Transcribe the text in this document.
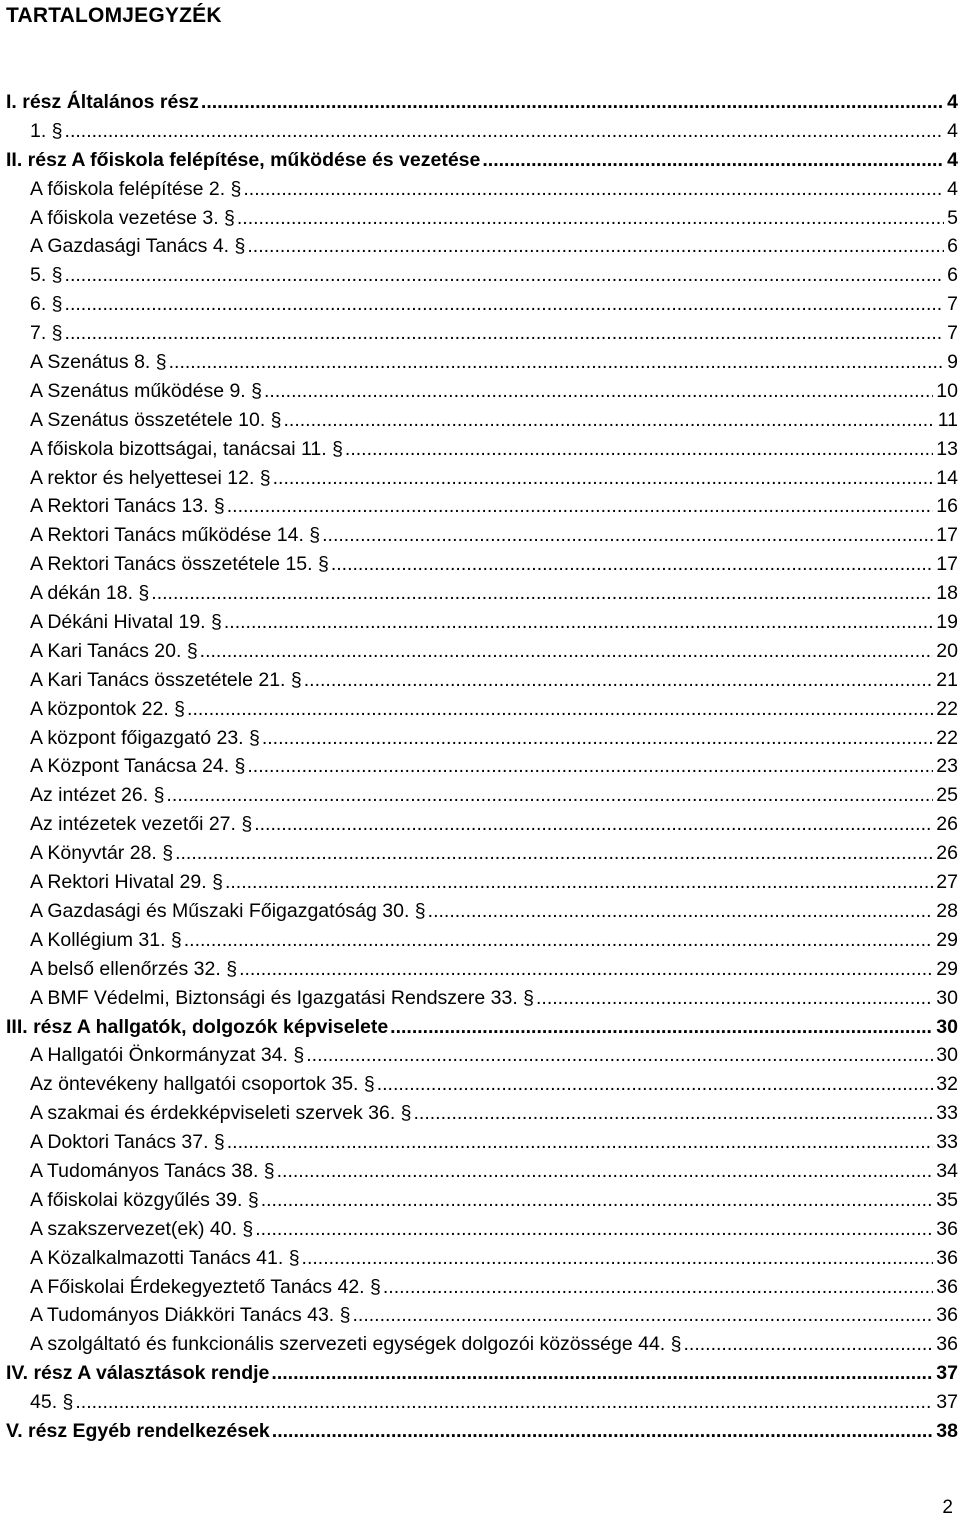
TARTALOMJEGYZÉK
I. rész Általános rész .....	4
1. § .....	4
II. rész A főiskola felépítése, működése és vezetése .....	4
A főiskola felépítése 2. § .....	4
A főiskola vezetése 3. § .....	5
A Gazdasági Tanács 4. § .....	6
5. § .....	6
6. § .....	7
7. § .....	7
A Szenátus 8. § .....	9
A Szenátus működése 9. § .....	10
A Szenátus összetétele 10. § .....	11
A főiskola bizottságai, tanácsai 11. § .....	13
A rektor és helyettesei 12. § .....	14
A Rektori Tanács 13. § .....	16
A Rektori Tanács működése 14. § .....	17
A Rektori Tanács összetétele 15. § .....	17
A dékán 18. § .....	18
A Dékáni Hivatal 19. § .....	19
A Kari Tanács 20. § .....	20
A Kari Tanács összetétele 21. § .....	21
A központok 22. § .....	22
A központ főigazgató 23. § .....	22
A Központ Tanácsa 24. § .....	23
Az intézet 26. § .....	25
Az intézetek vezetői 27. § .....	26
A Könyvtár 28. § .....	26
A Rektori Hivatal 29. § .....	27
A Gazdasági és Műszaki Főigazgatóság 30. § .....	28
A Kollégium 31. § .....	29
A belső ellenőrzés 32. § .....	29
A BMF Védelmi, Biztonsági és Igazgatási Rendszere 33. § .....	30
III. rész A hallgatók, dolgozók képviselete .....	30
A Hallgatói Önkormányzat 34. § .....	30
Az öntevékeny hallgatói csoportok 35. § .....	32
A szakmai és érdekképviseleti szervek 36. § .....	33
A Doktori Tanács 37. § .....	33
A Tudományos Tanács 38. § .....	34
A főiskolai közgyűlés 39. § .....	35
A szakszervezet(ek) 40. § .....	36
A Közalkalmazotti Tanács 41. § .....	36
A Főiskolai Érdekegyeztető Tanács 42. § .....	36
A Tudományos Diákköri Tanács 43. § .....	36
A szolgáltató és funkcionális szervezeti egységek dolgozói közössége 44. § .....	36
IV. rész A választások rendje .....	37
45. § .....	37
V. rész Egyéb rendelkezések .....	38
2
